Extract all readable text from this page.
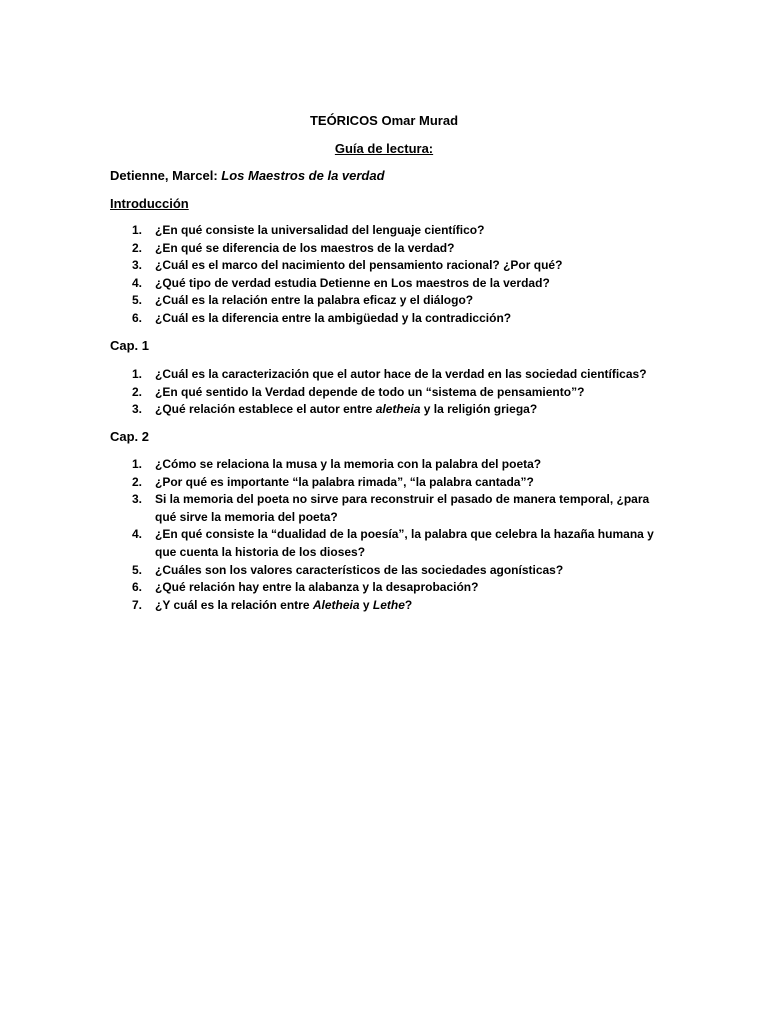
TEÓRICOS Omar Murad
Guía de lectura:
Detienne, Marcel: Los Maestros de la verdad
Introducción
1.	¿En qué consiste la universalidad del lenguaje científico?
2.	¿En qué se diferencia de los maestros de la verdad?
3.	¿Cuál es el marco del nacimiento del pensamiento racional? ¿Por qué?
4.	¿Qué tipo de verdad estudia Detienne en Los maestros de la verdad?
5.	¿Cuál es la relación entre la palabra eficaz y el diálogo?
6.	¿Cuál es la diferencia entre la ambigüedad y la contradicción?
Cap. 1
1.	¿Cuál es la caracterización que el autor hace de la verdad en las sociedad científicas?
2.	¿En qué sentido la Verdad depende de todo un “sistema de pensamiento”?
3.	¿Qué relación establece el autor entre aletheia y la religión griega?
Cap. 2
1.	¿Cómo se relaciona la musa y la memoria con la palabra del poeta?
2.	¿Por qué es importante “la palabra rimada”, “la palabra cantada”?
3.	Si la memoria del poeta no sirve para reconstruir el pasado de manera temporal, ¿para qué sirve la memoria del poeta?
4.	¿En qué consiste la “dualidad de la poesía”, la palabra que celebra la hazaña humana y que cuenta la historia de los dioses?
5.	¿Cuáles son los valores característicos de las sociedades agonísticas?
6.	¿Qué relación hay entre la alabanza y la desaprobación?
7.	¿Y cuál es la relación entre Aletheia y Lethe?
